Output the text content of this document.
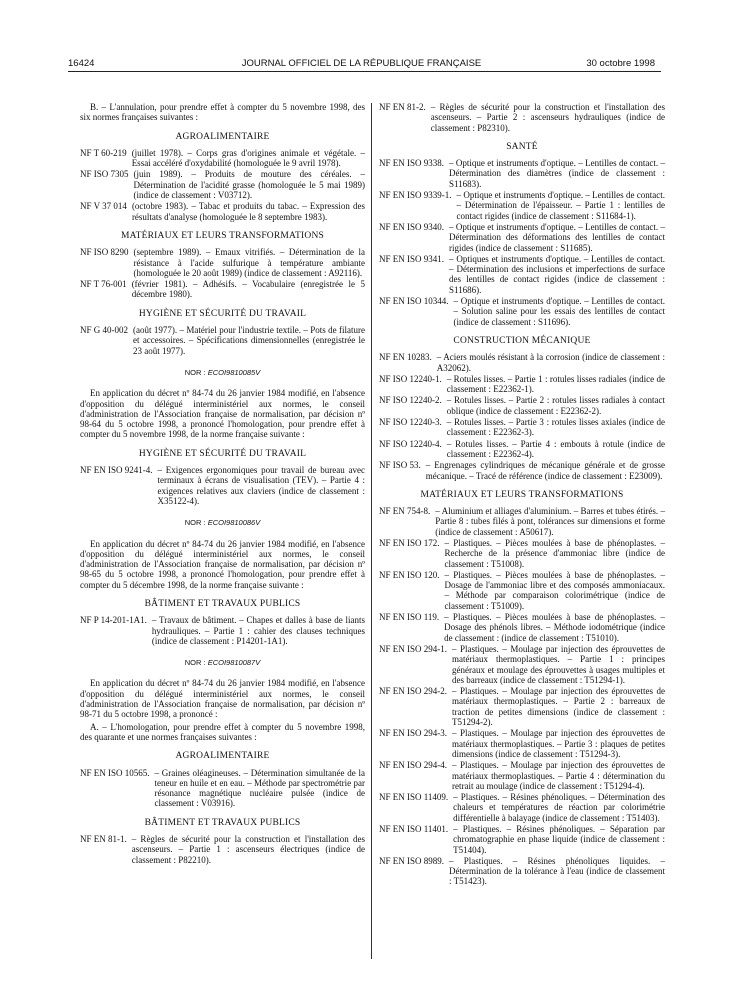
16424	JOURNAL OFFICIEL DE LA RÉPUBLIQUE FRANÇAISE	30 octobre 1998

B. – L'annulation, pour prendre effet à compter du 5 novembre 1998, des six normes françaises suivantes :

AGROALIMENTAIRE
NF T 60-219	(juillet 1978). – Corps gras d'origines animale et végétale. – Essai accéléré d'oxydabilité (homologuée le 9 avril 1978).
NF ISO 7305	(juin 1989). – Produits de mouture des céréales. – Détermination de l'acidité grasse (homologuée le 5 mai 1989) (indice de classement : V03712).
NF V 37 014	(octobre 1983). – Tabac et produits du tabac. – Expression des résultats d'analyse (homologuée le 8 septembre 1983).
MATÉRIAUX ET LEURS TRANSFORMATIONS
NF ISO 8290	(septembre 1989). – Emaux vitrifiés. – Détermination de la résistance à l'acide sulfurique à température ambiante (homologuée le 20 août 1989) (indice de classement : A92116).
NF T 76-001	(février 1981). – Adhésifs. – Vocabulaire (enregistrée le 5 décembre 1980).
HYGIÈNE ET SÉCURITÉ DU TRAVAIL
NF G 40-002	(août 1977). – Matériel pour l'industrie textile. – Pots de filature et accessoires. – Spécifications dimensionnelles (enregistrée le 23 août 1977).
NOR : ECOI9810085V

En application du décret nº 84-74 du 26 janvier 1984 modifié, en l'absence d'opposition du délégué interministériel aux normes, le conseil d'administration de l'Association française de normalisation, par décision nº 98-64 du 5 octobre 1998, a prononcé l'homologation, pour prendre effet à compter du 5 novembre 1998, de la norme française suivante :

HYGIÈNE ET SÉCURITÉ DU TRAVAIL
NF EN ISO 9241-4.	– Exigences ergonomiques pour travail de bureau avec terminaux à écrans de visualisation (TEV). – Partie 4 : exigences relatives aux claviers (indice de classement : X35122-4).
NOR : ECOI9810086V

En application du décret nº 84-74 du 26 janvier 1984 modifié, en l'absence d'opposition du délégué interministériel aux normes, le conseil d'administration de l'Association française de normalisation, par décision nº 98-65 du 5 octobre 1998, a prononcé l'homologation, pour prendre effet à compter du 5 décembre 1998, de la norme française suivante :

BÂTIMENT ET TRAVAUX PUBLICS
NF P 14-201-1A1.	– Travaux de bâtiment. – Chapes et dalles à base de liants hydrauliques. – Partie 1 : cahier des clauses techniques (indice de classement : P14201-1A1).
NOR : ECOI9810087V

En application du décret nº 84-74 du 26 janvier 1984 modifié, en l'absence d'opposition du délégué interministériel aux normes, le conseil d'administration de l'Association française de normalisation, par décision nº 98-71 du 5 octobre 1998, a prononcé :

A. – L'homologation, pour prendre effet à compter du 5 novembre 1998, des quarante et une normes françaises suivantes :

AGROALIMENTAIRE
NF EN ISO 10565.	– Graines oléagineuses. – Détermination simultanée de la teneur en huile et en eau. – Méthode par spectrométrie par résonance magnétique nucléaire pulsée (indice de classement : V03916).
BÂTIMENT ET TRAVAUX PUBLICS
NF EN 81-1.	– Règles de sécurité pour la construction et l'installation des ascenseurs. – Partie 1 : ascenseurs électriques (indice de classement : P82210).
NF EN 81-2.	– Règles de sécurité pour la construction et l'installation des ascenseurs. – Partie 2 : ascenseurs hydrauliques (indice de classement : P82310).
SANTÉ
NF EN ISO 9338.	– Optique et instruments d'optique. – Lentilles de contact. – Détermination des diamètres (indice de classement : S11683).
NF EN ISO 9339-1.	– Optique et instruments d'optique. – Lentilles de contact. – Détermination de l'épaisseur. – Partie 1 : lentilles de contact rigides (indice de classement : S11684-1).
NF EN ISO 9340.	– Optique et instruments d'optique. – Lentilles de contact. – Détermination des déformations des lentilles de contact rigides (indice de classement : S11685).
NF EN ISO 9341.	– Optiques et instruments d'optique. – Lentilles de contact. – Détermination des inclusions et imperfections de surface des lentilles de contact rigides (indice de classement : S11686).
NF EN ISO 10344.	– Optique et instruments d'optique. – Lentilles de contact. – Solution saline pour les essais des lentilles de contact (indice de classement : S11696).
CONSTRUCTION MÉCANIQUE
NF EN 10283.	– Aciers moulés résistant à la corrosion (indice de classement : A32062).
NF ISO 12240-1.	– Rotules lisses. – Partie 1 : rotules lisses radiales (indice de classement : E22362-1).
NF ISO 12240-2.	– Rotules lisses. – Partie 2 : rotules lisses radiales à contact oblique (indice de classement : E22362-2).
NF ISO 12240-3.	– Rotules lisses. – Partie 3 : rotules lisses axiales (indice de classement : E22362-3).
NF ISO 12240-4.	– Rotules lisses. – Partie 4 : embouts à rotule (indice de classement : E22362-4).
NF ISO 53.	– Engrenages cylindriques de mécanique générale et de grosse mécanique. – Tracé de référence (indice de classement : E23009).
MATÉRIAUX ET LEURS TRANSFORMATIONS
NF EN 754-8.	– Aluminium et alliages d'aluminium. – Barres et tubes étirés. – Partie 8 : tubes filés à pont, tolérances sur dimensions et forme (indice de classement : A50617).
NF EN ISO 172.	– Plastiques. – Pièces moulées à base de phénoplastes. – Recherche de la présence d'ammoniac libre (indice de classement : T51008).
NF EN ISO 120.	– Plastiques. – Pièces moulées à base de phénoplastes. – Dosage de l'ammoniac libre et des composés ammoniacaux. – Méthode par comparaison colorimétrique (indice de classement : T51009).
NF EN ISO 119.	– Plastiques. – Pièces moulées à base de phénoplastes. – Dosage des phénols libres. – Méthode iodométrique (indice de classement : (indice de classement : T51010).
NF EN ISO 294-1.	– Plastiques. – Moulage par injection des éprouvettes de matériaux thermoplastiques. – Partie 1 : principes généraux et moulage des éprouvettes à usages multiples et des barreaux (indice de classement : T51294-1).
NF EN ISO 294-2.	– Plastiques. – Moulage par injection des éprouvettes de matériaux thermoplastiques. – Partie 2 : barreaux de traction de petites dimensions (indice de classement : T51294-2).
NF EN ISO 294-3.	– Plastiques. – Moulage par injection des éprouvettes de matériaux thermoplastiques. – Partie 3 : plaques de petites dimensions (indice de classement : T51294-3).
NF EN ISO 294-4.	– Plastiques. – Moulage par injection des éprouvettes de matériaux thermoplastiques. – Partie 4 : détermination du retrait au moulage (indice de classement : T51294-4).
NF EN ISO 11409.	– Plastiques. – Résines phénoliques. – Détermination des chaleurs et températures de réaction par colorimétrie différentielle à balayage (indice de classement : T51403).
NF EN ISO 11401.	– Plastiques. – Résines phénoliques. – Séparation par chromatographie en phase liquide (indice de classement : T51404).
NF EN ISO 8989.	– Plastiques. – Résines phénoliques liquides. – Détermination de la tolérance à l'eau (indice de classement : T51423).
